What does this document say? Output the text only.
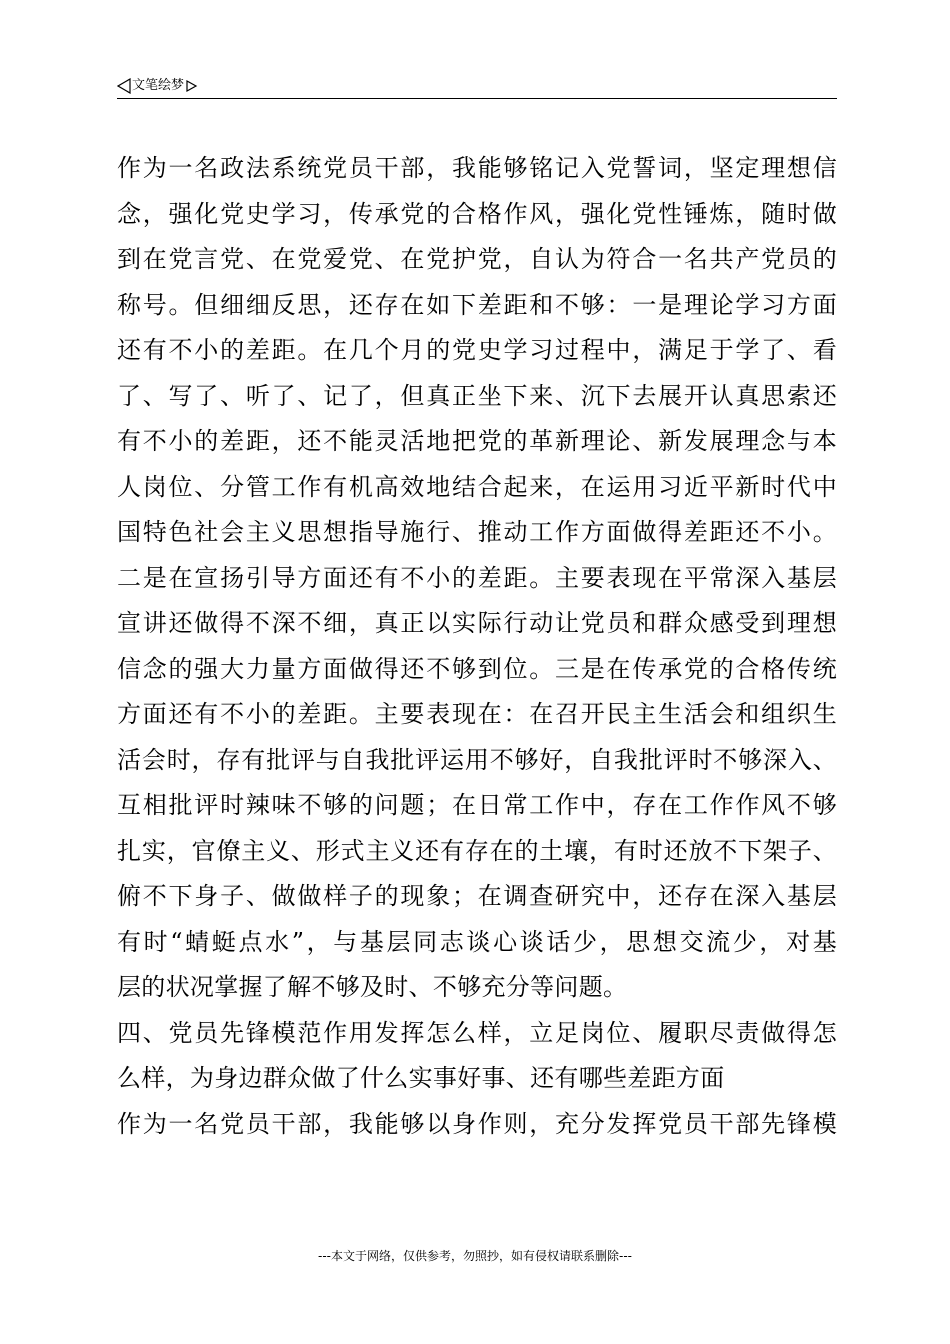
文笔绘梦
作为一名政法系统党员干部，我能够铭记入党誓词，坚定理想信
念，强化党史学习，传承党的合格作风，强化党性锤炼，随时做
到在党言党、在党爱党、在党护党，自认为符合一名共产党员的
称号。但细细反思，还存在如下差距和不够：一是理论学习方面
还有不小的差距。在几个月的党史学习过程中，满足于学了、看
了、写了、听了、记了，但真正坐下来、沉下去展开认真思索还
有不小的差距，还不能灵活地把党的革新理论、新发展理念与本
人岗位、分管工作有机高效地结合起来，在运用习近平新时代中
国特色社会主义思想指导施行、推动工作方面做得差距还不小。
二是在宣扬引导方面还有不小的差距。主要表现在平常深入基层
宣讲还做得不深不细，真正以实际行动让党员和群众感受到理想
信念的强大力量方面做得还不够到位。三是在传承党的合格传统
方面还有不小的差距。主要表现在：在召开民主生活会和组织生
活会时，存有批评与自我批评运用不够好，自我批评时不够深入、
互相批评时辣味不够的问题；在日常工作中，存在工作作风不够
扎实，官僚主义、形式主义还有存在的土壤，有时还放不下架子、
俯不下身子、做做样子的现象；在调查研究中，还存在深入基层
有时“蜻蜓点水”，与基层同志谈心谈话少，思想交流少，对基
层的状况掌握了解不够及时、不够充分等问题。
四、党员先锋模范作用发挥怎么样，立足岗位、履职尽责做得怎
么样，为身边群众做了什么实事好事、还有哪些差距方面
作为一名党员干部，我能够以身作则，充分发挥党员干部先锋模
---本文于网络，仅供参考，勿照抄，如有侵权请联系删除---
